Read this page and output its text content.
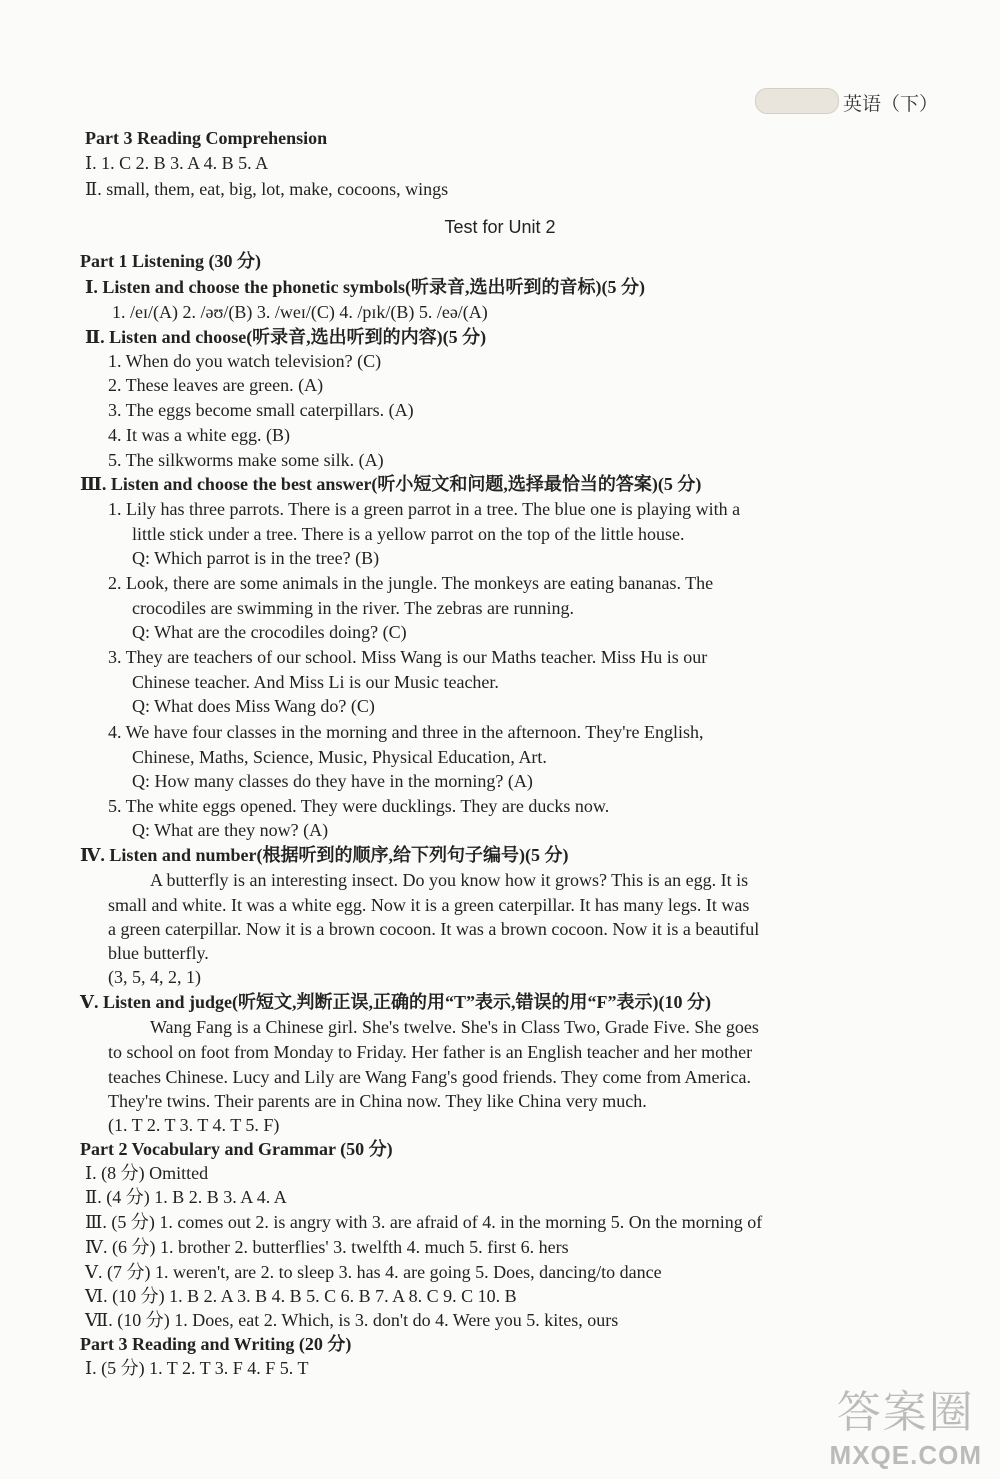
英语（下）
Part 3 Reading Comprehension
Ⅰ. 1. C 2. B 3. A 4. B 5. A
Ⅱ. small, them, eat, big, lot, make, cocoons, wings
Test for Unit 2
Part 1 Listening (30 分)
Ⅰ. Listen and choose the phonetic symbols(听录音,选出听到的音标)(5 分)
1. /eɪ/(A) 2. /əʊ/(B) 3. /weɪ/(C) 4. /pɪk/(B) 5. /eə/(A)
Ⅱ. Listen and choose(听录音,选出听到的内容)(5 分)
1. When do you watch television? (C)
2. These leaves are green. (A)
3. The eggs become small caterpillars. (A)
4. It was a white egg. (B)
5. The silkworms make some silk. (A)
Ⅲ. Listen and choose the best answer(听小短文和问题,选择最恰当的答案)(5 分)
1. Lily has three parrots. There is a green parrot in a tree. The blue one is playing with a
little stick under a tree. There is a yellow parrot on the top of the little house.
Q: Which parrot is in the tree? (B)
2. Look, there are some animals in the jungle. The monkeys are eating bananas. The
crocodiles are swimming in the river. The zebras are running.
Q: What are the crocodiles doing? (C)
3. They are teachers of our school. Miss Wang is our Maths teacher. Miss Hu is our
Chinese teacher. And Miss Li is our Music teacher.
Q: What does Miss Wang do? (C)
4. We have four classes in the morning and three in the afternoon. They're English,
Chinese, Maths, Science, Music, Physical Education, Art.
Q: How many classes do they have in the morning? (A)
5. The white eggs opened. They were ducklings. They are ducks now.
Q: What are they now? (A)
Ⅳ. Listen and number(根据听到的顺序,给下列句子编号)(5 分)
A butterfly is an interesting insect. Do you know how it grows? This is an egg. It is
small and white. It was a white egg. Now it is a green caterpillar. It has many legs. It was
a green caterpillar. Now it is a brown cocoon. It was a brown cocoon. Now it is a beautiful
blue butterfly.
(3, 5, 4, 2, 1)
Ⅴ. Listen and judge(听短文,判断正误,正确的用“T”表示,错误的用“F”表示)(10 分)
Wang Fang is a Chinese girl. She's twelve. She's in Class Two, Grade Five. She goes
to school on foot from Monday to Friday. Her father is an English teacher and her mother
teaches Chinese. Lucy and Lily are Wang Fang's good friends. They come from America.
They're twins. Their parents are in China now. They like China very much.
(1. T 2. T 3. T 4. T 5. F)
Part 2 Vocabulary and Grammar (50 分)
Ⅰ. (8 分) Omitted
Ⅱ. (4 分) 1. B 2. B 3. A 4. A
Ⅲ. (5 分) 1. comes out 2. is angry with 3. are afraid of 4. in the morning 5. On the morning of
Ⅳ. (6 分) 1. brother 2. butterflies' 3. twelfth 4. much 5. first 6. hers
Ⅴ. (7 分) 1. weren't, are 2. to sleep 3. has 4. are going 5. Does, dancing/to dance
Ⅵ. (10 分) 1. B 2. A 3. B 4. B 5. C 6. B 7. A 8. C 9. C 10. B
Ⅶ. (10 分) 1. Does, eat 2. Which, is 3. don't do 4. Were you 5. kites, ours
Part 3 Reading and Writing (20 分)
Ⅰ. (5 分) 1. T 2. T 3. F 4. F 5. T
答案圈
MXQE.COM
